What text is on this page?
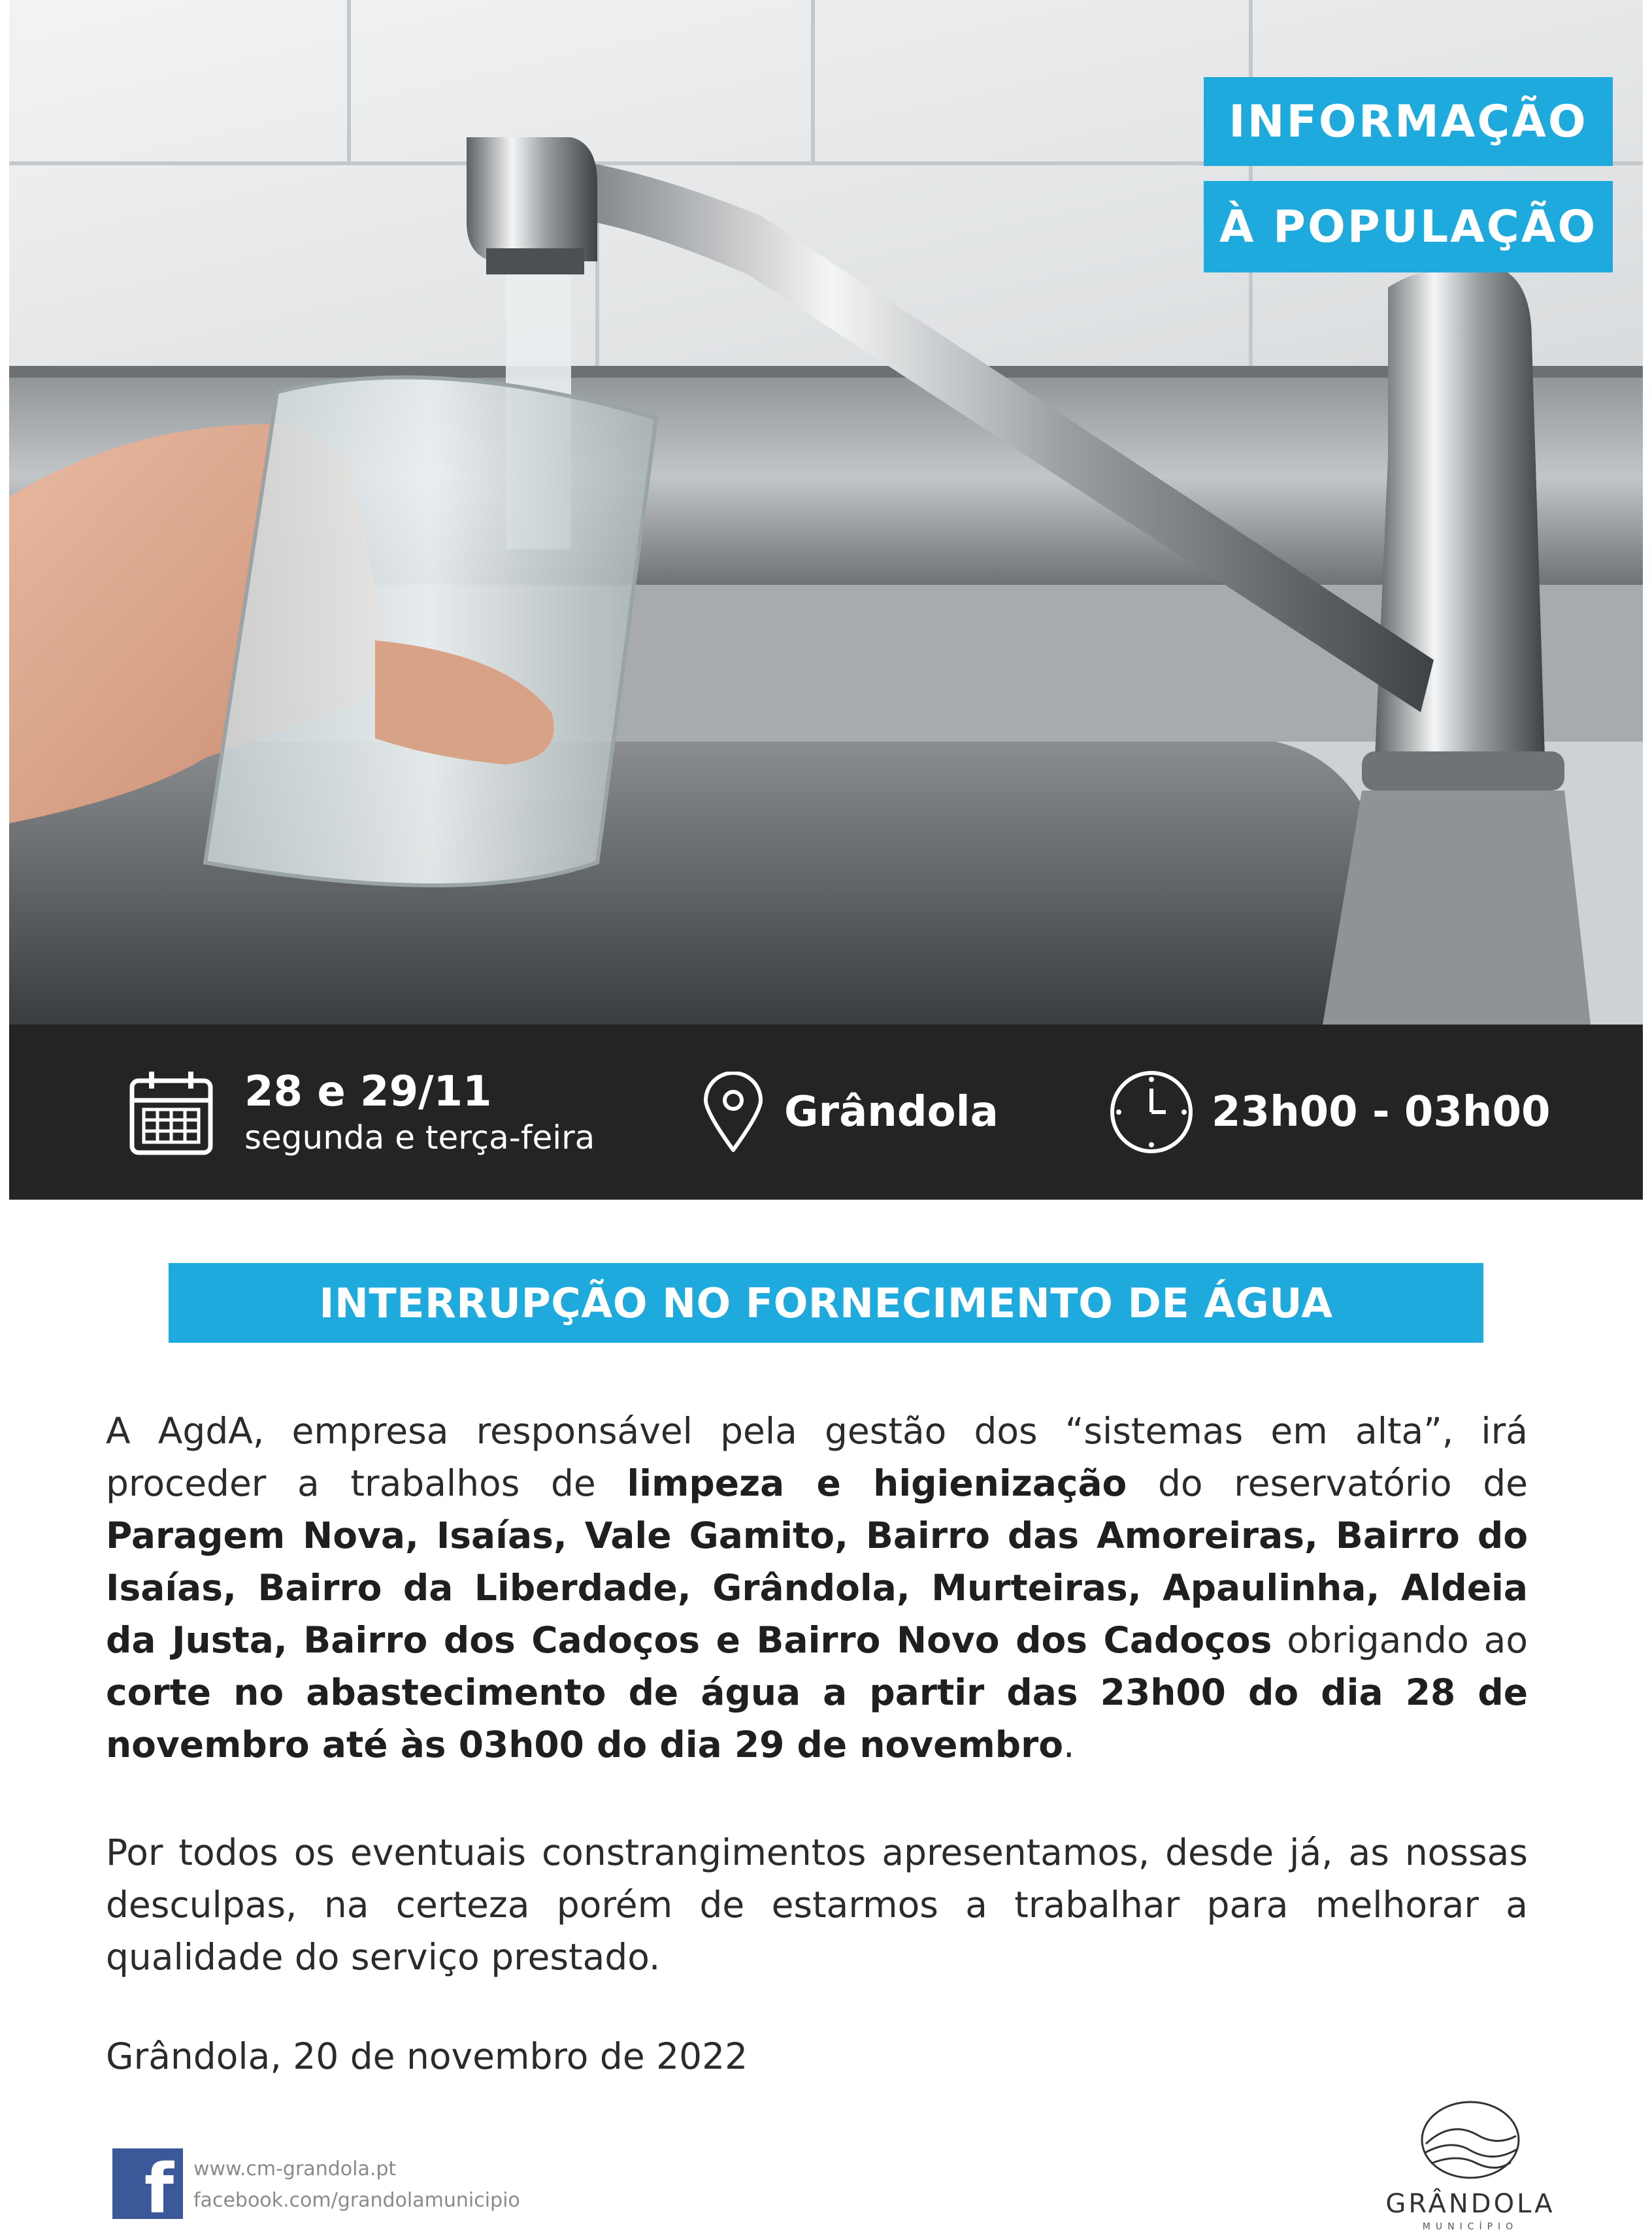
INFORMAÇÃO
À POPULAÇÃO
28 e 29/11
segunda e terça-feira
Grândola	23h00 - 03h00
INTERRUPÇÃO NO FORNECIMENTO DE ÁGUA

A AgdA, empresa responsável pela gestão dos “sistemas em alta”, irá proceder a trabalhos de limpeza e higienização do reservatório de Paragem Nova, Isaías, Vale Gamito, Bairro das Amoreiras, Bairro do Isaías, Bairro da Liberdade, Grândola, Murteiras, Apaulinha, Aldeia da Justa, Bairro dos Cadoços e Bairro Novo dos Cadoços obrigando ao corte no abastecimento de água a partir das 23h00 do dia 28 de novembro até às 03h00 do dia 29 de novembro.

Por todos os eventuais constrangimentos apresentamos, desde já, as nossas desculpas, na certeza porém de estarmos a trabalhar para melhorar a qualidade do serviço prestado.

Grândola, 20 de novembro de 2022

f www.cm-grandola.pt
facebook.com/grandolamunicipio	GRÂNDOLA
MUNICÍPIO
